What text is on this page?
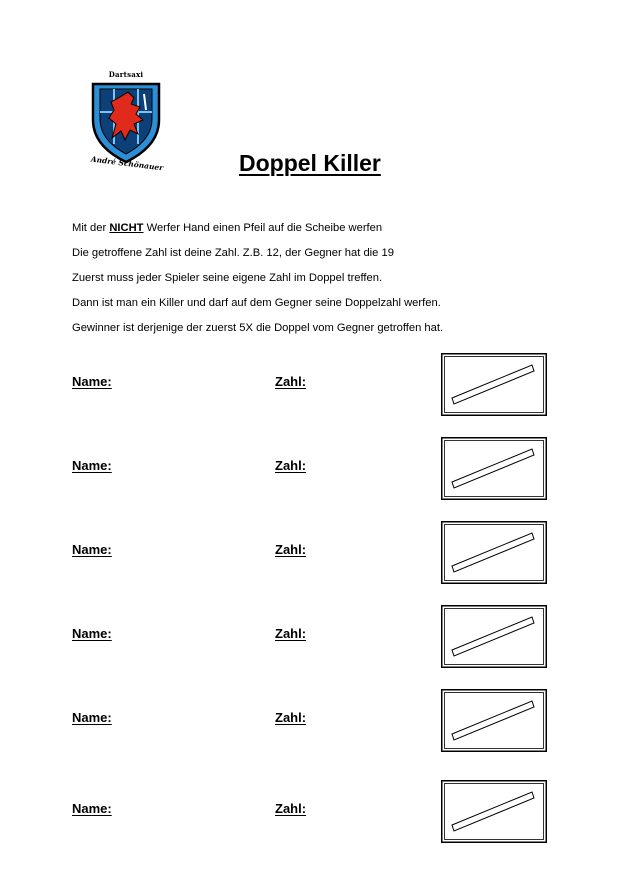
Dartsaxi
André Schönauer	Doppel Killer
Mit der NICHT Werfer Hand einen Pfeil auf die Scheibe werfen
Die getroffene Zahl ist deine Zahl. Z.B. 12, der Gegner hat die 19
Zuerst muss jeder Spieler seine eigene Zahl im Doppel treffen.
Dann ist man ein Killer und darf auf dem Gegner seine Doppelzahl werfen.
Gewinner ist derjenige der zuerst 5X die Doppel vom Gegner getroffen hat.
Name:	Zahl:
Name:	Zahl:
Name:	Zahl:
Name:	Zahl:
Name:	Zahl:
Name:	Zahl:
